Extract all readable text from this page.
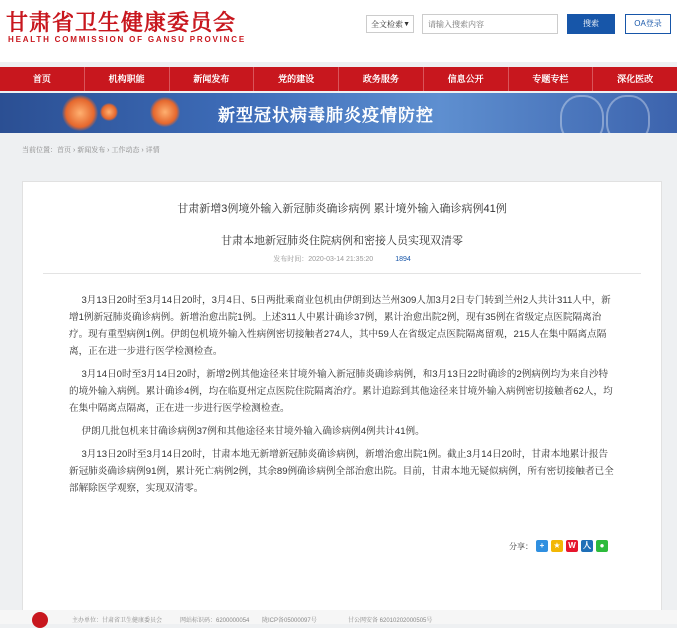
甘肃省卫生健康委员会
HEALTH COMMISSION OF GANSU PROVINCE
全文检索 ▼
请输入搜索内容	搜索	OA登录
首页	机构职能	新闻发布	党的建设	政务服务	信息公开	专题专栏	深化医改
新型冠状病毒肺炎疫情防控
当前位置：首页 › 新闻发布 › 工作动态 › 详情
甘肃新增3例境外输入新冠肺炎确诊病例 累计境外输入确诊病例41例
甘肃本地新冠肺炎住院病例和密接人员实现双清零
发布时间：2020-03-14 21:35:20	1894

3月13日20时至3月14日20时，3月4日、5日两批乘商业包机由伊朗到达兰州309人加3月2日专门转到兰州2人共计311人中，新增1例新冠肺炎确诊病例。新增治愈出院1例。上述311人中累计确诊37例，累计治愈出院2例，现有35例在省级定点医院隔离治疗。现有重型病例1例。伊朗包机境外输入性病例密切接触者274人，其中59人在省级定点医院隔离留观，215人在集中隔离点隔离，正在进一步进行医学检测检查。

3月14日0时至3月14日20时，新增2例其他途径来甘境外输入新冠肺炎确诊病例，和3月13日22时确诊的2例病例均为来自沙特的境外输入病例。累计确诊4例，均在临夏州定点医院住院隔离治疗。累计追踪到其他途径来甘境外输入病例密切接触者62人，均在集中隔离点隔离，正在进一步进行医学检测检查。

伊朗几批包机来甘确诊病例37例和其他途径来甘境外输入确诊病例4例共计41例。

3月13日20时至3月14日20时，甘肃本地无新增新冠肺炎确诊病例，新增治愈出院1例。截止3月14日20时，甘肃本地累计报告新冠肺炎确诊病例91例，累计死亡病例2例，其余89例确诊病例全部治愈出院。目前，甘肃本地无疑似病例，所有密切接触者已全部解除医学观察，实现双清零。

分享： +	★ W 人	●
主办单位：甘肃省卫生健康委员会	网站标识码：6200000054 陇ICP备05000097号	甘公网安备 62010202000505号
